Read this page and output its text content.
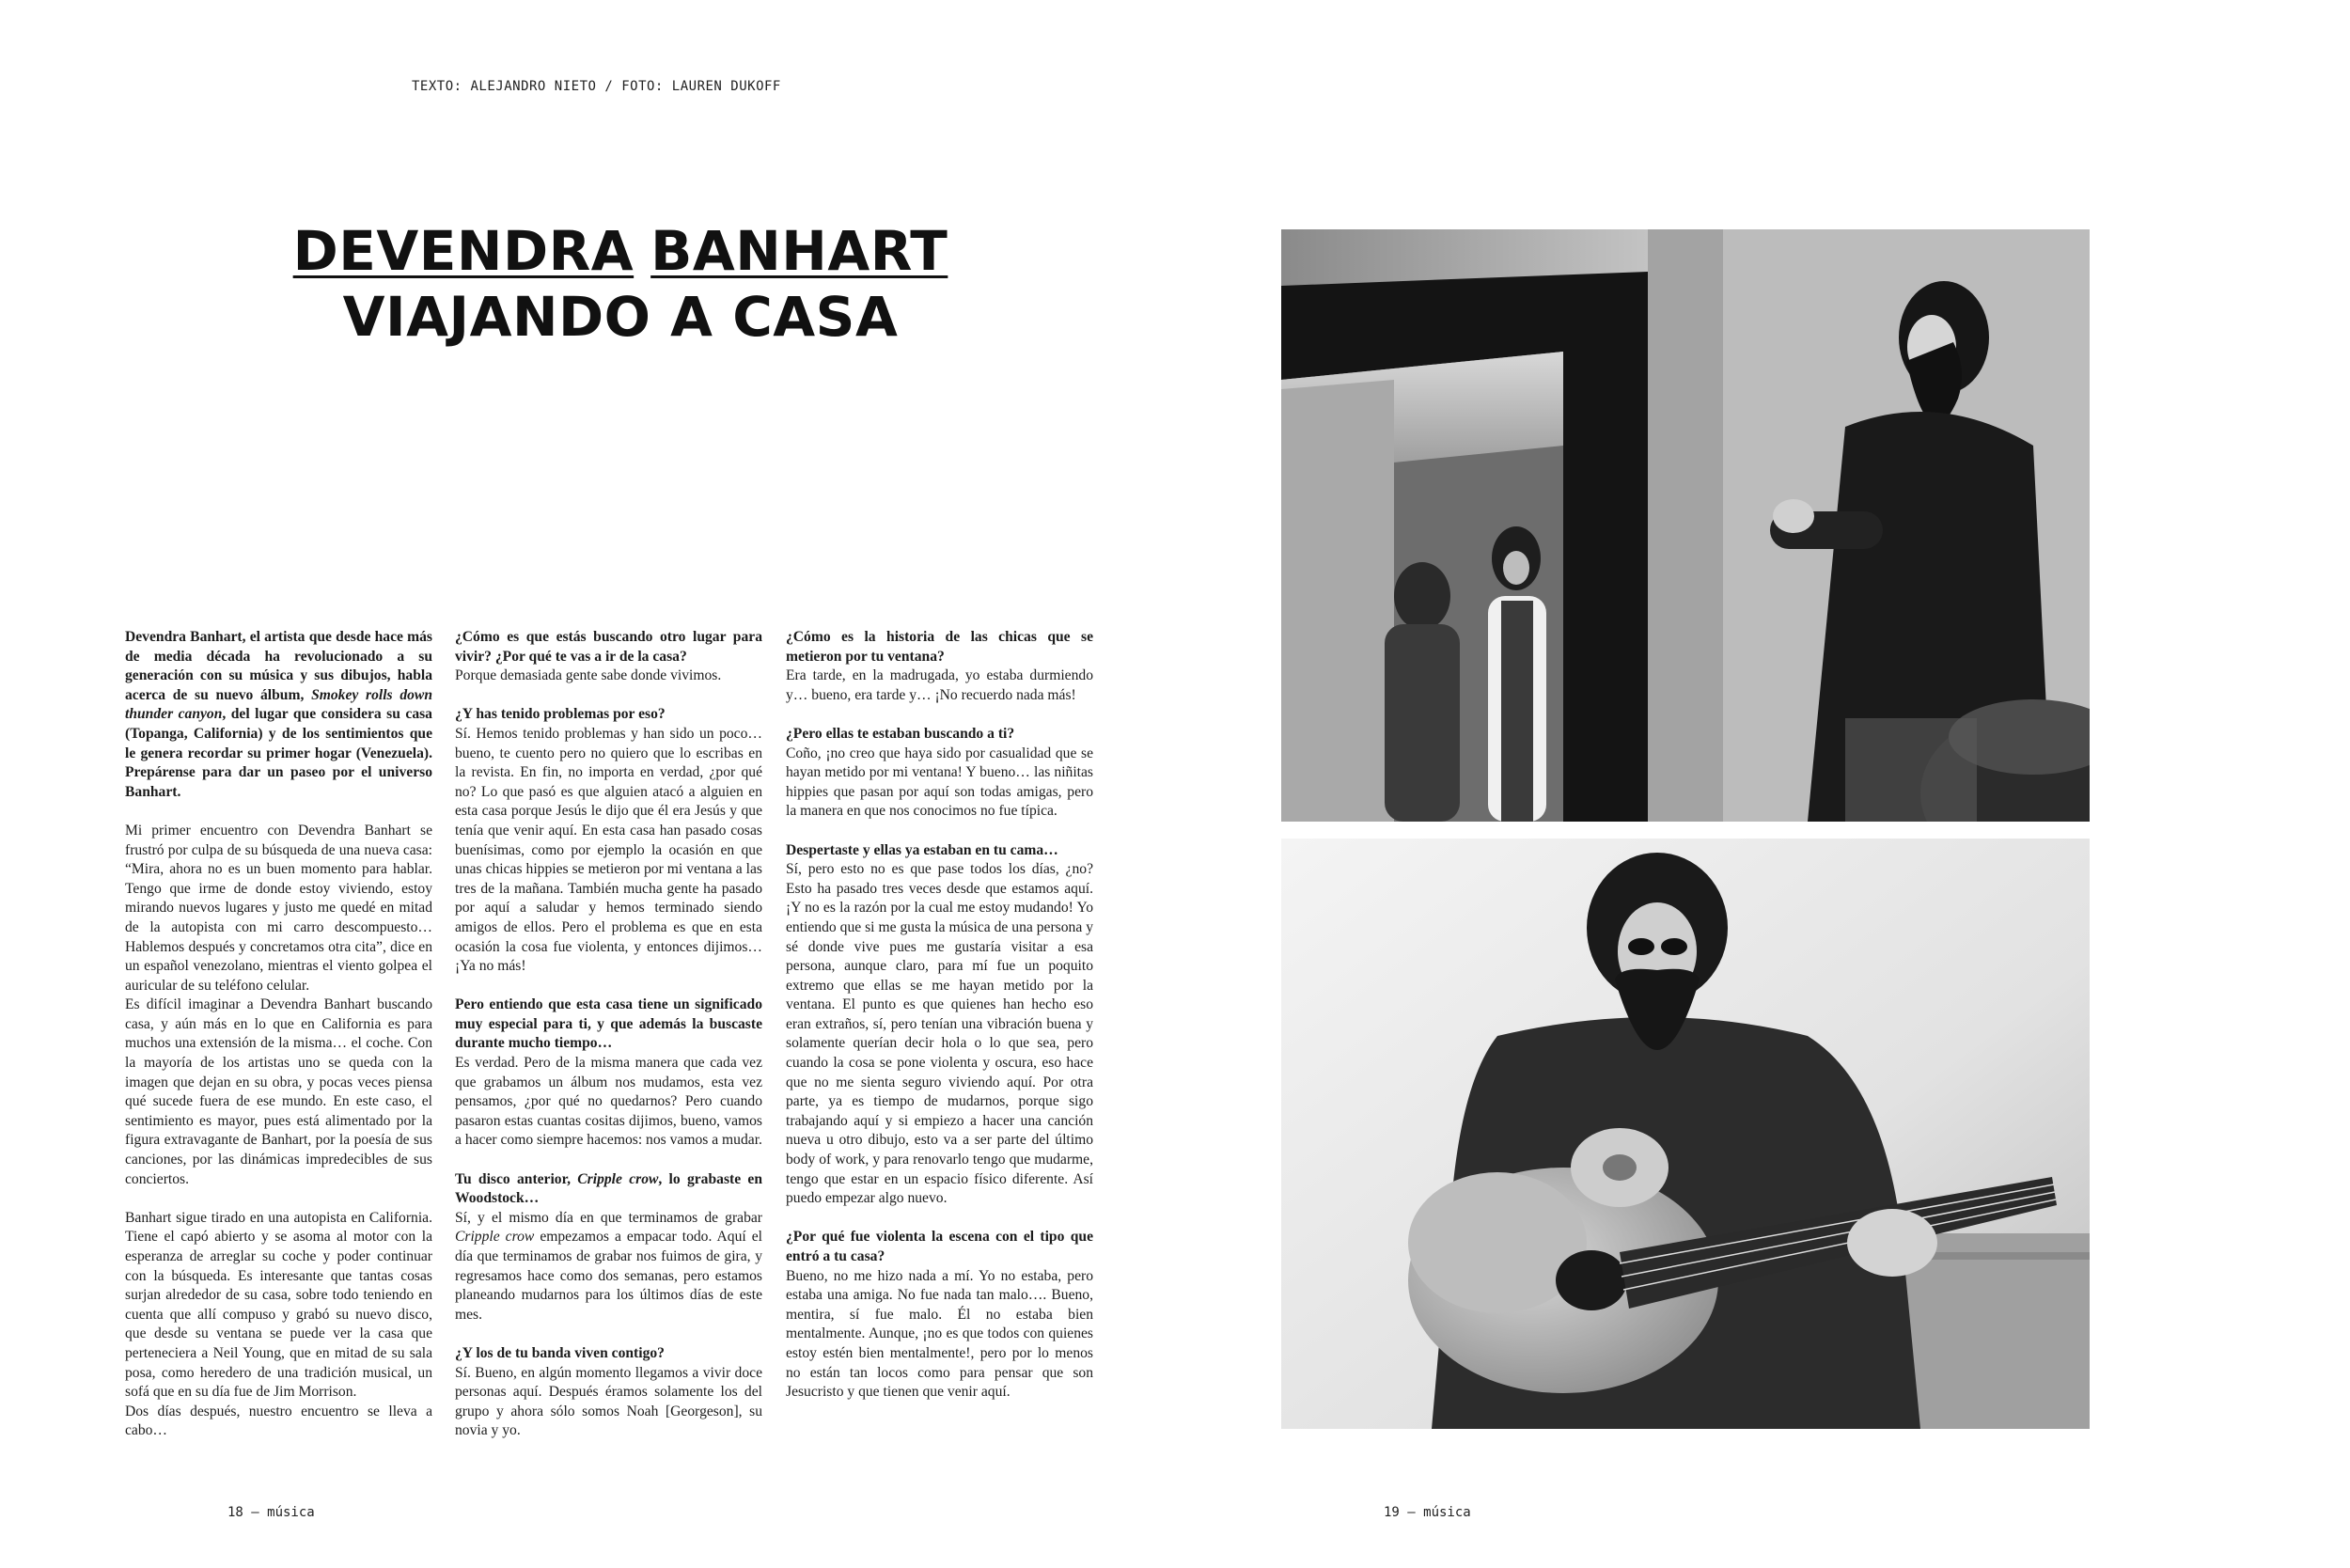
TEXTO: ALEJANDRO NIETO / FOTO: LAUREN DUKOFF
DEVENDRA BANHART
VIAJANDO A CASA

Devendra Banhart, el artista que desde hace más de media década ha revolucionado a su generación con su música y sus dibujos, habla acerca de su nuevo álbum, Smokey rolls down thunder canyon, del lugar que considera su casa (Topanga, California) y de los sentimientos que le genera recordar su primer hogar (Venezuela). Prepárense para dar un paseo por el universo Banhart.

Mi primer encuentro con Devendra Banhart se frustró por culpa de su búsqueda de una nueva casa: “Mira, ahora no es un buen momento para hablar. Tengo que irme de donde estoy viviendo, estoy mirando nuevos lugares y justo me quedé en mitad de la autopista con mi carro descompuesto… Hablemos después y concretamos otra cita”, dice en un español venezolano, mientras el viento golpea el auricular de su teléfono celular.

Es difícil imaginar a Devendra Banhart buscando casa, y aún más en lo que en California es para muchos una extensión de la misma… el coche. Con la mayoría de los artistas uno se queda con la imagen que dejan en su obra, y pocas veces piensa qué sucede fuera de ese mundo. En este caso, el sentimiento es mayor, pues está alimentado por la figura extravagante de Banhart, por la poesía de sus canciones, por las dinámicas impredecibles de sus conciertos.

Banhart sigue tirado en una autopista en California. Tiene el capó abierto y se asoma al motor con la esperanza de arreglar su coche y poder continuar con la búsqueda. Es interesante que tantas cosas surjan alrededor de su casa, sobre todo teniendo en cuenta que allí compuso y grabó su nuevo disco, que desde su ventana se puede ver la casa que perteneciera a Neil Young, que en mitad de su sala posa, como heredero de una tradición musical, un sofá que en su día fue de Jim Morrison.

Dos días después, nuestro encuentro se lleva a cabo…

¿Cómo es que estás buscando otro lugar para vivir? ¿Por qué te vas a ir de la casa?

Porque demasiada gente sabe donde vivimos.

¿Y has tenido problemas por eso?

Sí. Hemos tenido problemas y han sido un poco… bueno, te cuento pero no quiero que lo escribas en la revista. En fin, no importa en verdad, ¿por qué no? Lo que pasó es que alguien atacó a alguien en esta casa porque Jesús le dijo que él era Jesús y que tenía que venir aquí. En esta casa han pasado cosas buenísimas, como por ejemplo la ocasión en que unas chicas hippies se metieron por mi ventana a las tres de la mañana. También mucha gente ha pasado por aquí a saludar y hemos terminado siendo amigos de ellos. Pero el problema es que en esta ocasión la cosa fue violenta, y entonces dijimos… ¡Ya no más!

Pero entiendo que esta casa tiene un significado muy especial para ti, y que además la buscaste durante mucho tiempo…

Es verdad. Pero de la misma manera que cada vez que grabamos un álbum nos mudamos, esta vez pensamos, ¿por qué no quedarnos? Pero cuando pasaron estas cuantas cositas dijimos, bueno, vamos a hacer como siempre hacemos: nos vamos a mudar.

Tu disco anterior, Cripple crow, lo grabaste en Woodstock…

Sí, y el mismo día en que terminamos de grabar Cripple crow empezamos a empacar todo. Aquí el día que terminamos de grabar nos fuimos de gira, y regresamos hace como dos semanas, pero estamos planeando mudarnos para los últimos días de este mes.

¿Y los de tu banda viven contigo?

Sí. Bueno, en algún momento llegamos a vivir doce personas aquí. Después éramos solamente los del grupo y ahora sólo somos Noah [Georgeson], su novia y yo.

¿Cómo es la historia de las chicas que se metieron por tu ventana?

Era tarde, en la madrugada, yo estaba durmiendo y… bueno, era tarde y… ¡No recuerdo nada más!

¿Pero ellas te estaban buscando a ti?

Coño, ¡no creo que haya sido por casualidad que se hayan metido por mi ventana! Y bueno… las niñitas hippies que pasan por aquí son todas amigas, pero la manera en que nos conocimos no fue típica.

Despertaste y ellas ya estaban en tu cama…

Sí, pero esto no es que pase todos los días, ¿no? Esto ha pasado tres veces desde que estamos aquí. ¡Y no es la razón por la cual me estoy mudando! Yo entiendo que si me gusta la música de una persona y sé donde vive pues me gustaría visitar a esa persona, aunque claro, para mí fue un poquito extremo que ellas se me hayan metido por la ventana. El punto es que quienes han hecho eso eran extraños, sí, pero tenían una vibración buena y solamente querían decir hola o lo que sea, pero cuando la cosa se pone violenta y oscura, eso hace que no me sienta seguro viviendo aquí. Por otra parte, ya es tiempo de mudarnos, porque sigo trabajando aquí y si empiezo a hacer una canción nueva u otro dibujo, esto va a ser parte del último body of work, y para renovarlo tengo que mudarme, tengo que estar en un espacio físico diferente. Así puedo empezar algo nuevo.

¿Por qué fue violenta la escena con el tipo que entró a tu casa?

Bueno, no me hizo nada a mí. Yo no estaba, pero estaba una amiga. No fue nada tan malo…. Bueno, mentira, sí fue malo. Él no estaba bien mentalmente. Aunque, ¡no es que todos con quienes estoy estén bien mentalmente!, pero por lo menos no están tan locos como para pensar que son Jesucristo y que tienen que venir aquí.

18 — música	19 — música
